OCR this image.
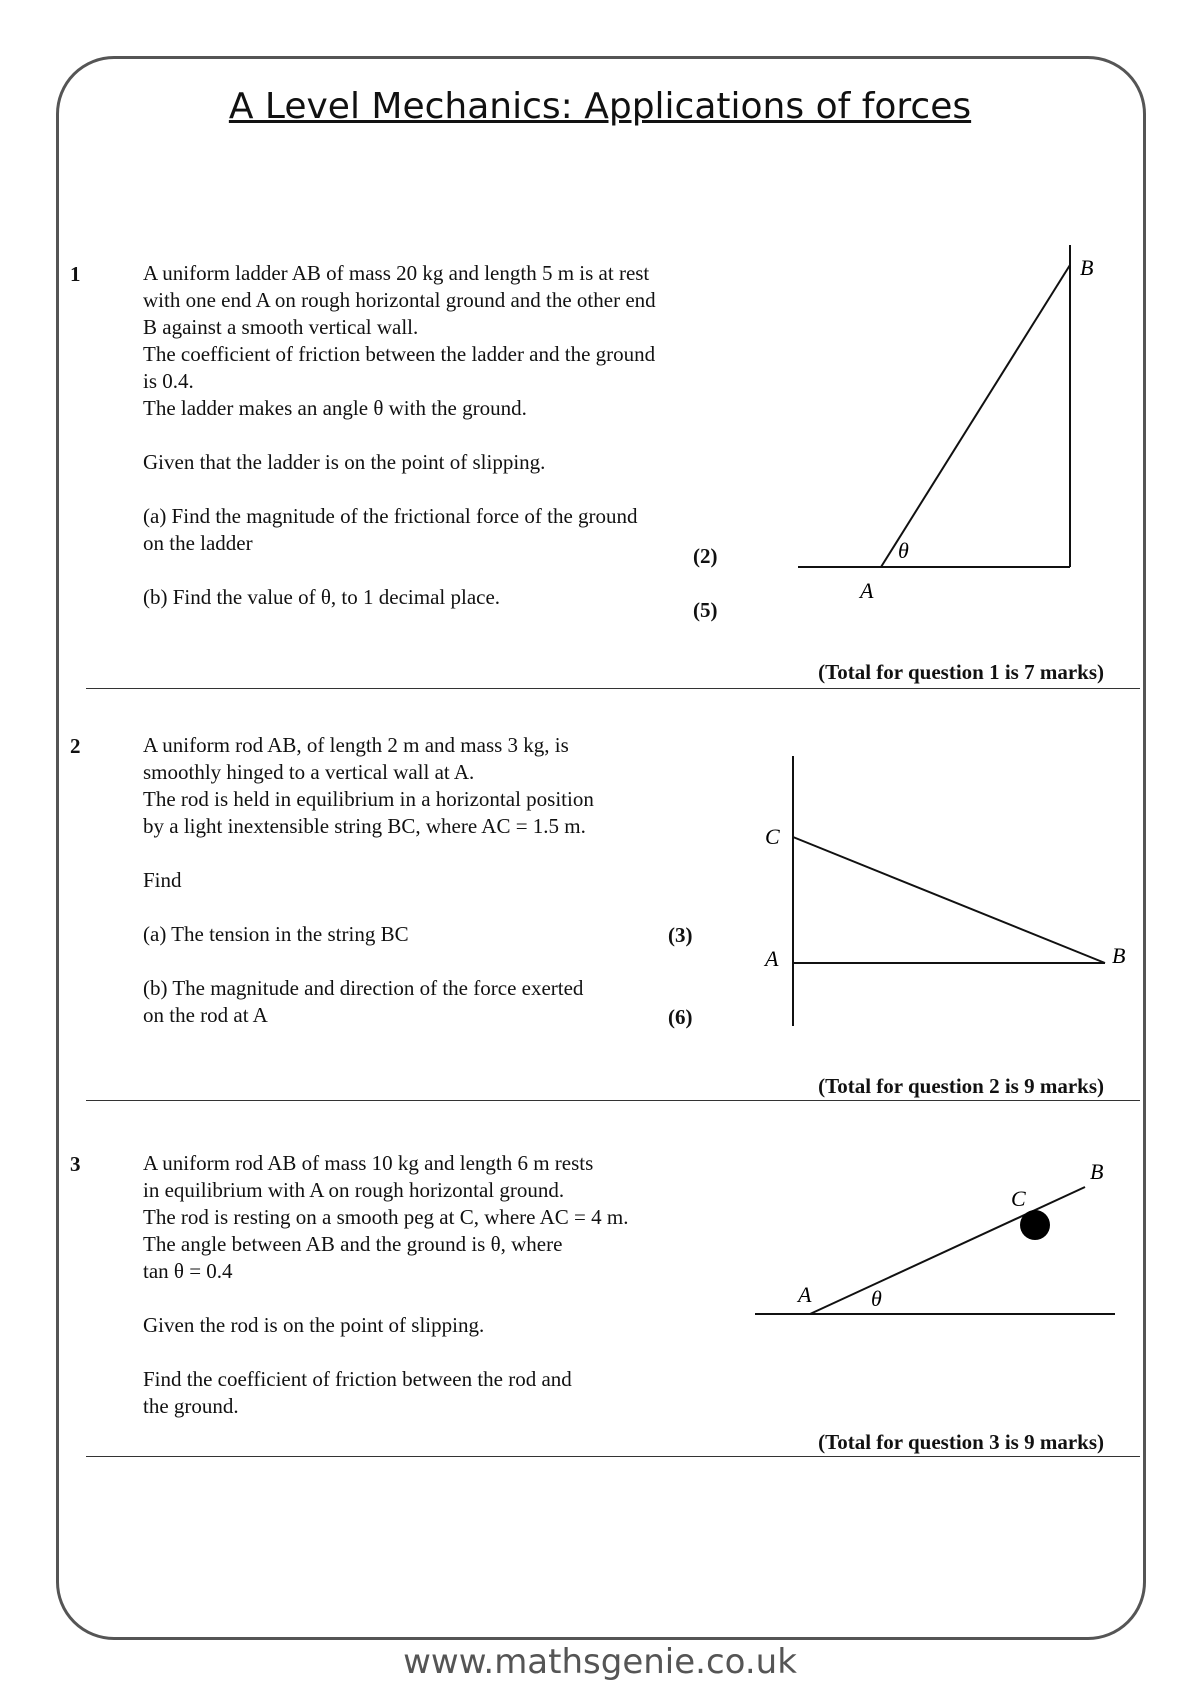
A Level Mechanics: Applications of forces
1	A uniform ladder AB of mass 20 kg and length 5 m is at rest
with one end A on rough horizontal ground and the other end
B against a smooth vertical wall.
The coefficient of friction between the ladder and the ground
is 0.4.
The ladder makes an angle θ with the ground.

Given that the ladder is on the point of slipping.

(a) Find the magnitude of the frictional force of the ground
on the ladder

(b) Find the value of θ, to 1 decimal place.

(2)
(5)
B
A
θ
(Total for question 1 is 7 marks)
2	A uniform rod AB, of length 2 m and mass 3 kg, is
smoothly hinged to a vertical wall at A.
The rod is held in equilibrium in a horizontal position
by a light inextensible string BC, where AC = 1.5 m.

Find

(a) The tension in the string BC

(b) The magnitude and direction of the force exerted
on the rod at A

(3)
(6)
C
A	B
(Total for question 2 is 9 marks)
3	A uniform rod AB of mass 10 kg and length 6 m rests
in equilibrium with A on rough horizontal ground.
The rod is resting on a smooth peg at C, where AC = 4 m.
The angle between AB and the ground is θ, where
tan θ = 0.4

Given the rod is on the point of slipping.

Find the coefficient of friction between the rod and
the ground.

B
C
A	θ
(Total for question 3 is 9 marks)
www.mathsgenie.co.uk
